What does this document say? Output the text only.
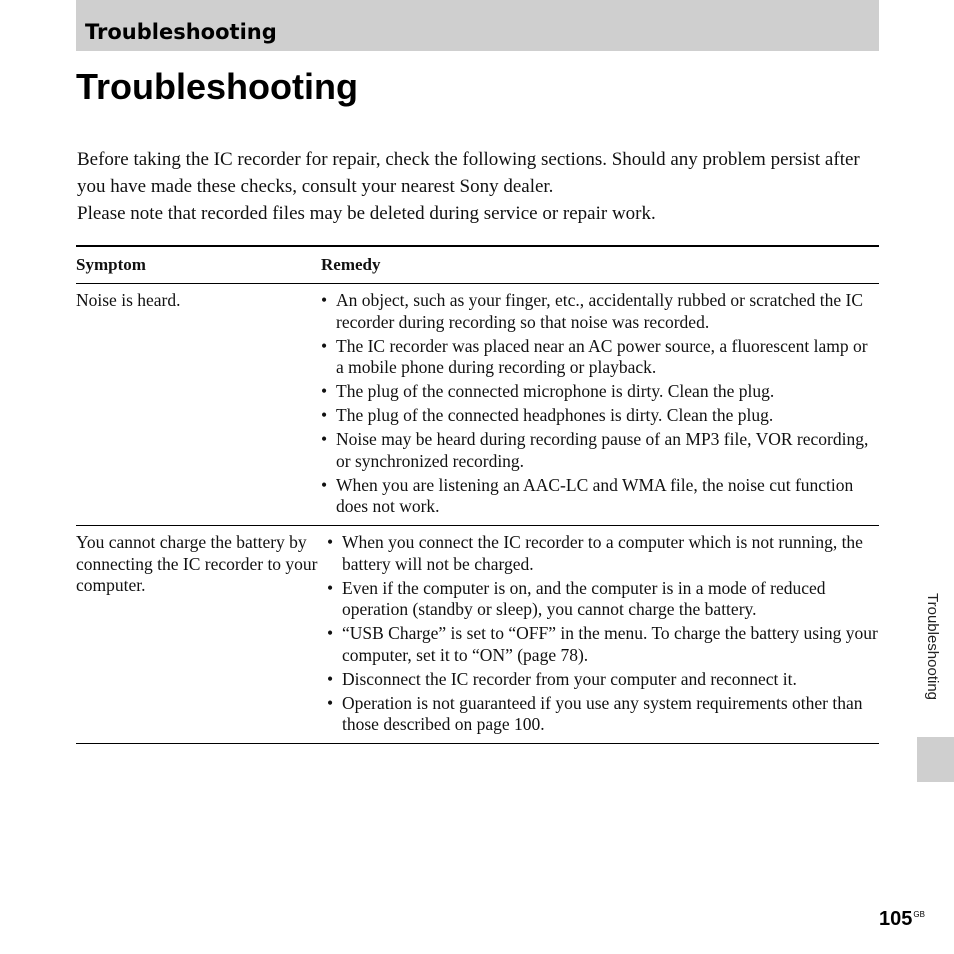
Troubleshooting
Troubleshooting

Before taking the IC recorder for repair, check the following sections. Should any problem persist after you have made these checks, consult your nearest Sony dealer.

Please note that recorded files may be deleted during service or repair work.

Symptom	Remedy
Noise is heard.
•	An object, such as your finger, etc., accidentally rubbed or scratched the IC recorder during recording so that noise was recorded.
• The IC recorder was placed near an AC power source, a fluorescent lamp or a mobile phone during recording or playback.
• The plug of the connected microphone is dirty. Clean the plug.
• The plug of the connected headphones is dirty. Clean the plug.
• Noise may be heard during recording pause of an MP3 file, VOR recording, or synchronized recording.
• When you are listening an AAC-LC and WMA file, the noise cut function does not work.
You cannot charge the battery by connecting the IC recorder to your computer.
• When you connect the IC recorder to a computer which is not running, the battery will not be charged.
• Even if the computer is on, and the computer is in a mode of reduced operation (standby or sleep), you cannot charge the battery.
• “USB Charge” is set to “OFF” in the menu. To charge the battery using your computer, set it to “ON” (page 78).
• Disconnect the IC recorder from your computer and reconnect it.
• Operation is not guaranteed if you use any system requirements other than those described on page 100.
Troubleshooting
$105^{GB}$
